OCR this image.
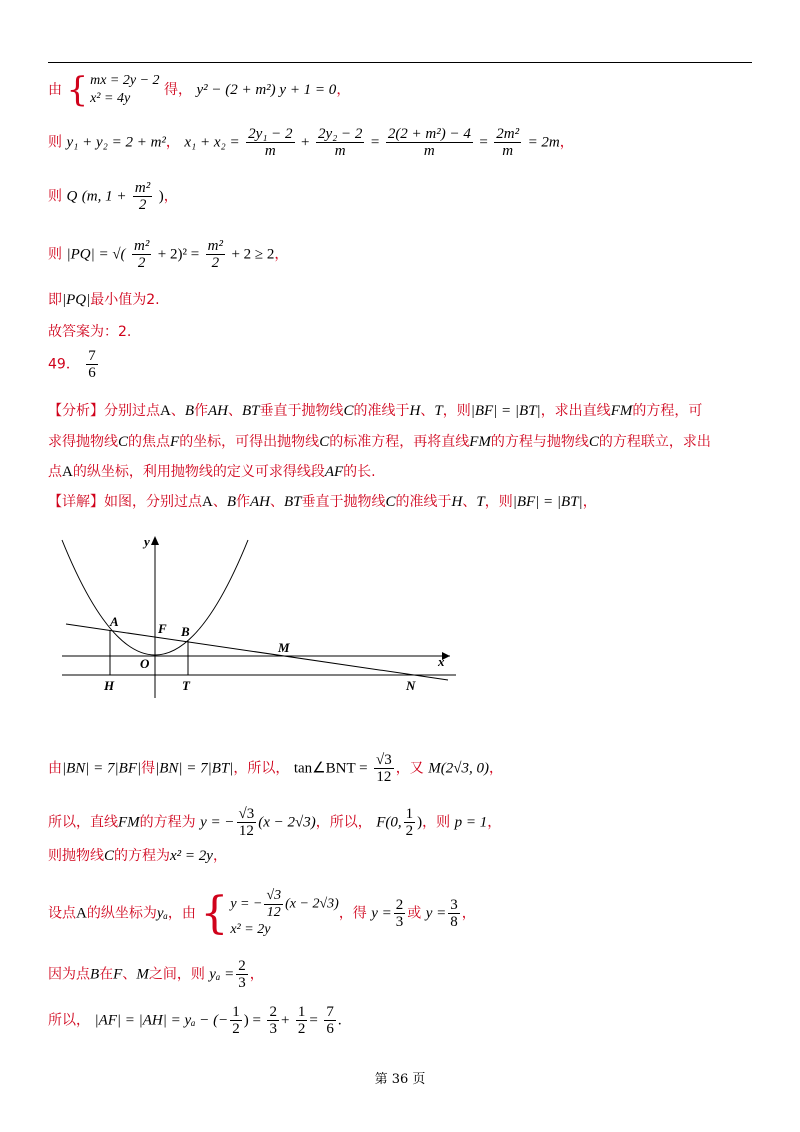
由 { mx = 2y − 2
x² = 4y
得， y² − (2 + m²) y + 1 = 0，
则 y₁ + y₂ = 2 + m²， $x_1 + x_2 = \frac{\text{2y₁ − 2}}{m} + \frac{\text{2y₂ − 2}}{m} = \frac{\text{2(2 + m²) − 4}}{m} = \frac{\text{2m²}}{m} = 2m$，
则 Q (m, $1 + \frac{\text{m²}}{2}$ )，
则 |PQ| = √( $\frac{\text{m²}}{2} + 2)^2 = \frac{\text{m²}}{2} + 2 \ge 2$，
即|PQ|最小值为2.
故答案为：2.
49． $\frac{7}{6}$
【分析】分别过点A、B作AH、BT垂直于抛物线C的准线于H、T，则|BF| = |BT|，求出直线FM的方程，可
求得抛物线C的焦点F的坐标，可得出抛物线C的标准方程，再将直线FM的方程与抛物线C的方程联立，求出
点A的纵坐标，利用抛物线的定义可求得线段AF的长.
【详解】如图，分别过点A、B作AH、BT垂直于抛物线C的准线于H、T，则|BF| = |BT|，
y
x
A	F B
M
O
H	T	N
由|BN| = 7|BF|得|BN| = 7|BT|，所以， tan∠BNT = $\frac{√3}{12}$ ，又 M(2√3, 0)，
所以，直线FM的方程为 y = − $\frac{√3}{12} (x - 2√3)$，所以， F(0, $\frac{1}{2}$ )，则 p = 1，
则抛物线C的方程为x² = 2y，
设点A的纵坐标为yₐ，由 { y = − $\frac{√3}{12} (x - 2√3)$
x² = 2y
，得 $y = \frac{2}{3}$ 或 $y = \frac{3}{8}$ ，
因为点B在F、M之间，则 $y_a = \frac{2}{3}$ ，
所以， |AF| = |AH| = yₐ − (− $\frac{1}{2}$ ) = $\frac{2}{3} + \frac{1}{2} = \frac{7}{6}$ .
第 36 页
